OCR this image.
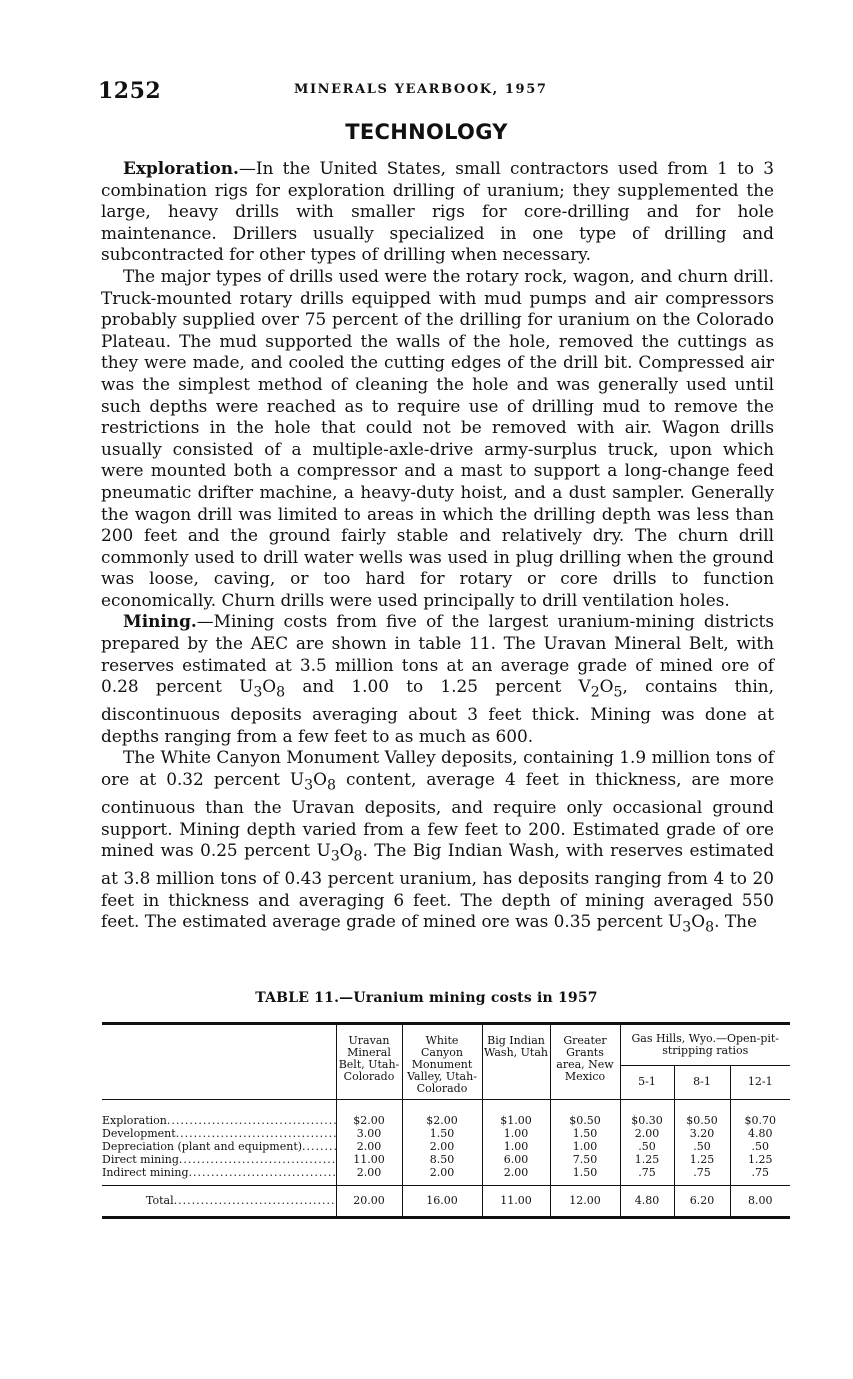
1252	MINERALS YEARBOOK, 1957
TECHNOLOGY

Exploration.—In the United States, small contractors used from 1 to 3 combination rigs for exploration drilling of uranium; they supplemented the large, heavy drills with smaller rigs for core-drilling and for hole maintenance. Drillers usually specialized in one type of drilling and subcontracted for other types of drilling when necessary.

The major types of drills used were the rotary rock, wagon, and churn drill. Truck-mounted rotary drills equipped with mud pumps and air compressors probably supplied over 75 percent of the drilling for uranium on the Colorado Plateau. The mud supported the walls of the hole, removed the cuttings as they were made, and cooled the cutting edges of the drill bit. Compressed air was the simplest method of cleaning the hole and was generally used until such depths were reached as to require use of drilling mud to remove the restrictions in the hole that could not be removed with air. Wagon drills usually consisted of a multiple-axle-drive army-surplus truck, upon which were mounted both a compressor and a mast to support a long-change feed pneumatic drifter machine, a heavy-duty hoist, and a dust sampler. Generally the wagon drill was limited to areas in which the drilling depth was less than 200 feet and the ground fairly stable and relatively dry. The churn drill commonly used to drill water wells was used in plug drilling when the ground was loose, caving, or too hard for rotary or core drills to function economically. Churn drills were used principally to drill ventilation holes.

Mining.—Mining costs from five of the largest uranium-mining districts prepared by the AEC are shown in table 11. The Uravan Mineral Belt, with reserves estimated at 3.5 million tons at an average grade of mined ore of 0.28 percent $U_3O_8$ and 1.00 to 1.25 percent $V_2O_5$, contains thin, discontinuous deposits averaging about 3 feet thick. Mining was done at depths ranging from a few feet to as much as 600.

The White Canyon Monument Valley deposits, containing 1.9 million tons of ore at 0.32 percent $U_3O_8$ content, average 4 feet in thickness, are more continuous than the Uravan deposits, and require only occasional ground support. Mining depth varied from a few feet to 200. Estimated grade of ore mined was 0.25 percent $U_3O_8$. The Big Indian Wash, with reserves estimated at 3.8 million tons of 0.43 percent uranium, has deposits ranging from 4 to 20 feet in thickness and averaging 6 feet. The depth of mining averaged 550 feet. The estimated average grade of mined ore was 0.35 percent $U_3O_8$. The

TABLE 11.—Uranium mining costs in 1957
	Uravan Mineral Belt, Utah-Colorado	White Canyon Monument Valley, Utah-Colorado	Big Indian Wash, Utah	Greater Grants area, New Mexico	Gas Hills, Wyo.—Open-pit-stripping ratios		
					5-1	8-1	12-1
Exploration .....	$2.00	$2.00	$1.00	$0.50	$0.30	$0.50	$0.70
Development .....	3.00	1.50	1.00	1.50	2.00	3.20	4.80
Depreciation (plant and equipment) .....	2.00	2.00	1.00	1.00	.50	.50	.50
Direct mining .....	11.00	8.50	6.00	7.50	1.25	1.25	1.25
Indirect mining .....	2.00	2.00	2.00	1.50	.75	.75	.75
Total .....	20.00	16.00	11.00	12.00	4.80	6.20	8.00
